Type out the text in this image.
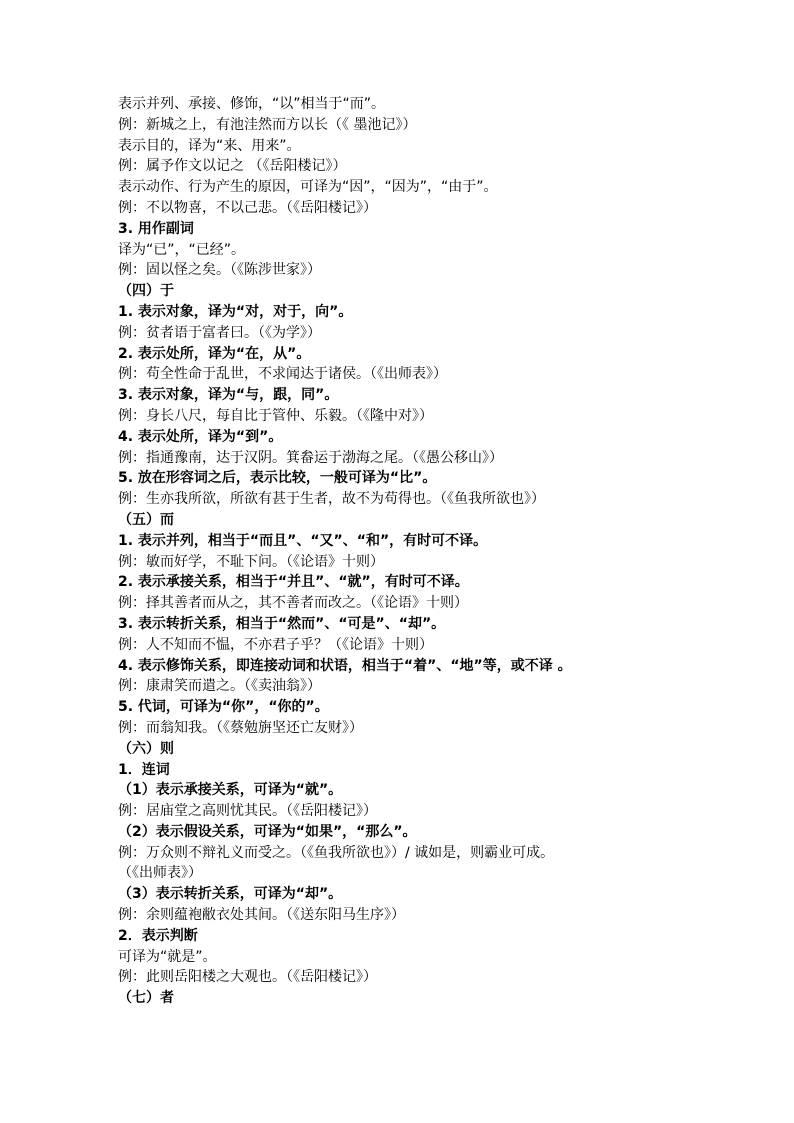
表示并列、承接、修饰，“以”相当于“而”。
例：新城之上，有池洼然而方以长（《 墨池记》）
表示目的，译为“来、用来”。
例：属予作文以记之 （《岳阳楼记》）
表示动作、行为产生的原因，可译为“因”，“因为”，“由于”。
例：不以物喜，不以己悲。（《岳阳楼记》）
3. 用作副词
译为“已”，“已经”。
例：固以怪之矣。（《陈涉世家》）
（四）于
1. 表示对象，译为“对，对于，向”。
例：贫者语于富者曰。（《为学》）
2. 表示处所，译为“在，从”。
例：苟全性命于乱世，不求闻达于诸侯。（《出师表》）
3. 表示对象，译为“与，跟，同”。
例：身长八尺，每自比于管仲、乐毅。（《隆中对》）
4. 表示处所，译为“到”。
例：指通豫南，达于汉阴。箕畚运于渤海之尾。（《愚公移山》）
5. 放在形容词之后，表示比较，一般可译为“比”。
例：生亦我所欲，所欲有甚于生者，故不为苟得也。（《鱼我所欲也》）
（五）而
1. 表示并列，相当于“而且”、“又”、“和”，有时可不译。
例：敏而好学，不耻下问。（《论语》十则）
2. 表示承接关系，相当于“并且”、“就”，有时可不译。
例：择其善者而从之，其不善者而改之。（《论语》十则）
3. 表示转折关系，相当于“然而”、“可是”、“却”。
例：人不知而不愠，不亦君子乎？（《论语》十则）
4. 表示修饰关系，即连接动词和状语，相当于“着”、“地”等，或不译 。
例：康肃笑而遣之。（《卖油翁》）
5. 代词，可译为“你”，“你的”。
例：而翁知我。（《蔡勉旃坚还亡友财》）
（六）则
1．连词
（1）表示承接关系，可译为“就”。
例：居庙堂之高则忧其民。（《岳阳楼记》）
（2）表示假设关系，可译为“如果”，“那么”。
例：万众则不辩礼义而受之。（《鱼我所欲也》）/ 诚如是，则霸业可成。
（《出师表》）
（3）表示转折关系，可译为“却”。
例：余则蕴袍敝衣处其间。（《送东阳马生序》）
2．表示判断
可译为“就是”。
例：此则岳阳楼之大观也。（《岳阳楼记》）
（七）者
